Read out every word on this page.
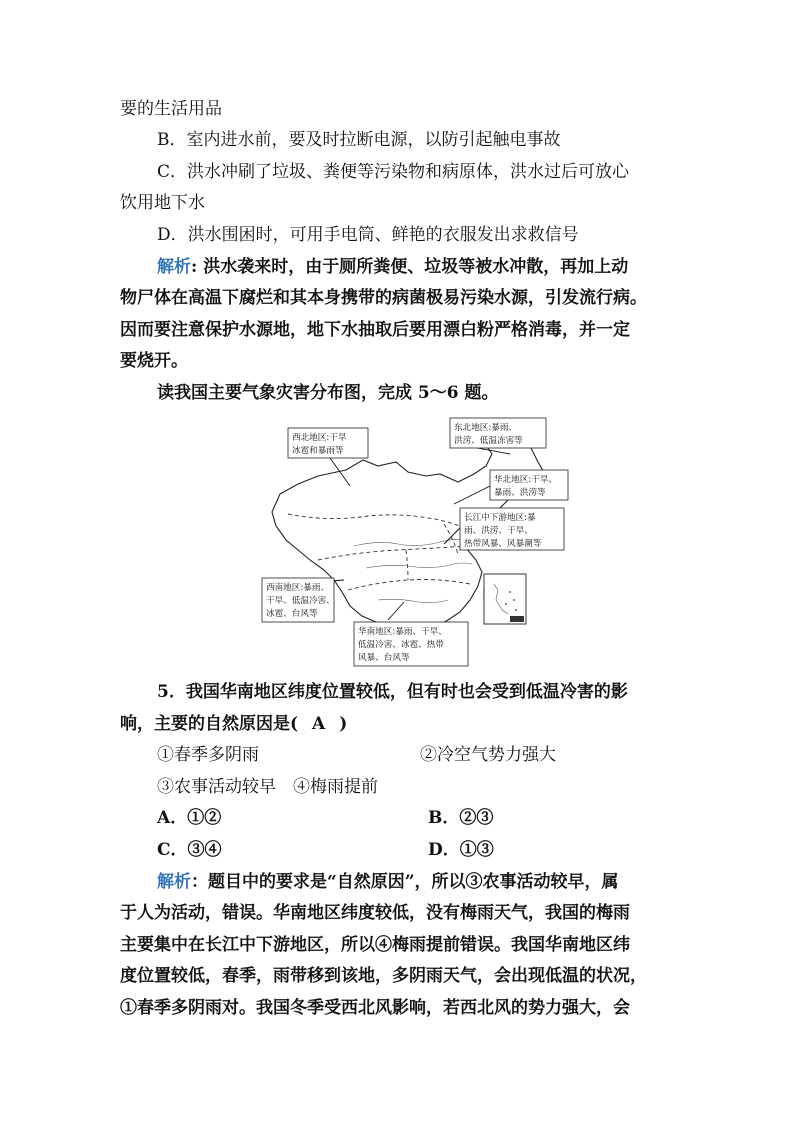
要的生活用品
B．室内进水前，要及时拉断电源，以防引起触电事故
C．洪水冲刷了垃圾、粪便等污染物和病原体，洪水过后可放心
饮用地下水
D．洪水围困时，可用手电筒、鲜艳的衣服发出求救信号
解析: 洪水袭来时，由于厕所粪便、垃圾等被水冲散，再加上动
物尸体在高温下腐烂和其本身携带的病菌极易污染水源，引发流行病。
因而要注意保护水源地，地下水抽取后要用漂白粉严格消毒，并一定
要烧开。
读我国主要气象灾害分布图，完成 5～6 题。
西北地区:干旱
冰雹和暴雨等
东北地区:暴雨、
洪涝、低温冻害等
华北地区:干旱、
暴雨、洪涝等
长江中下游地区:暴
雨、洪涝、干旱、
热带风暴、风暴潮等
西南地区:暴雨、
干旱、低温冷害、
冰雹、台风等
华南地区:暴雨、干旱、
低温冷害、冰雹、热带
风暴、台风等
5．我国华南地区纬度位置较低，但有时也会受到低温冷害的影
响，主要的自然原因是( A )
①春季多阴雨	②冷空气势力强大
③农事活动较早　④梅雨提前
A．①②	B．②③
C．③④	D．①③
解析：题目中的要求是“自然原因”，所以③农事活动较早，属
于人为活动，错误。华南地区纬度较低，没有梅雨天气，我国的梅雨
主要集中在长江中下游地区，所以④梅雨提前错误。我国华南地区纬
度位置较低，春季，雨带移到该地，多阴雨天气，会出现低温的状况，
①春季多阴雨对。我国冬季受西北风影响，若西北风的势力强大，会
